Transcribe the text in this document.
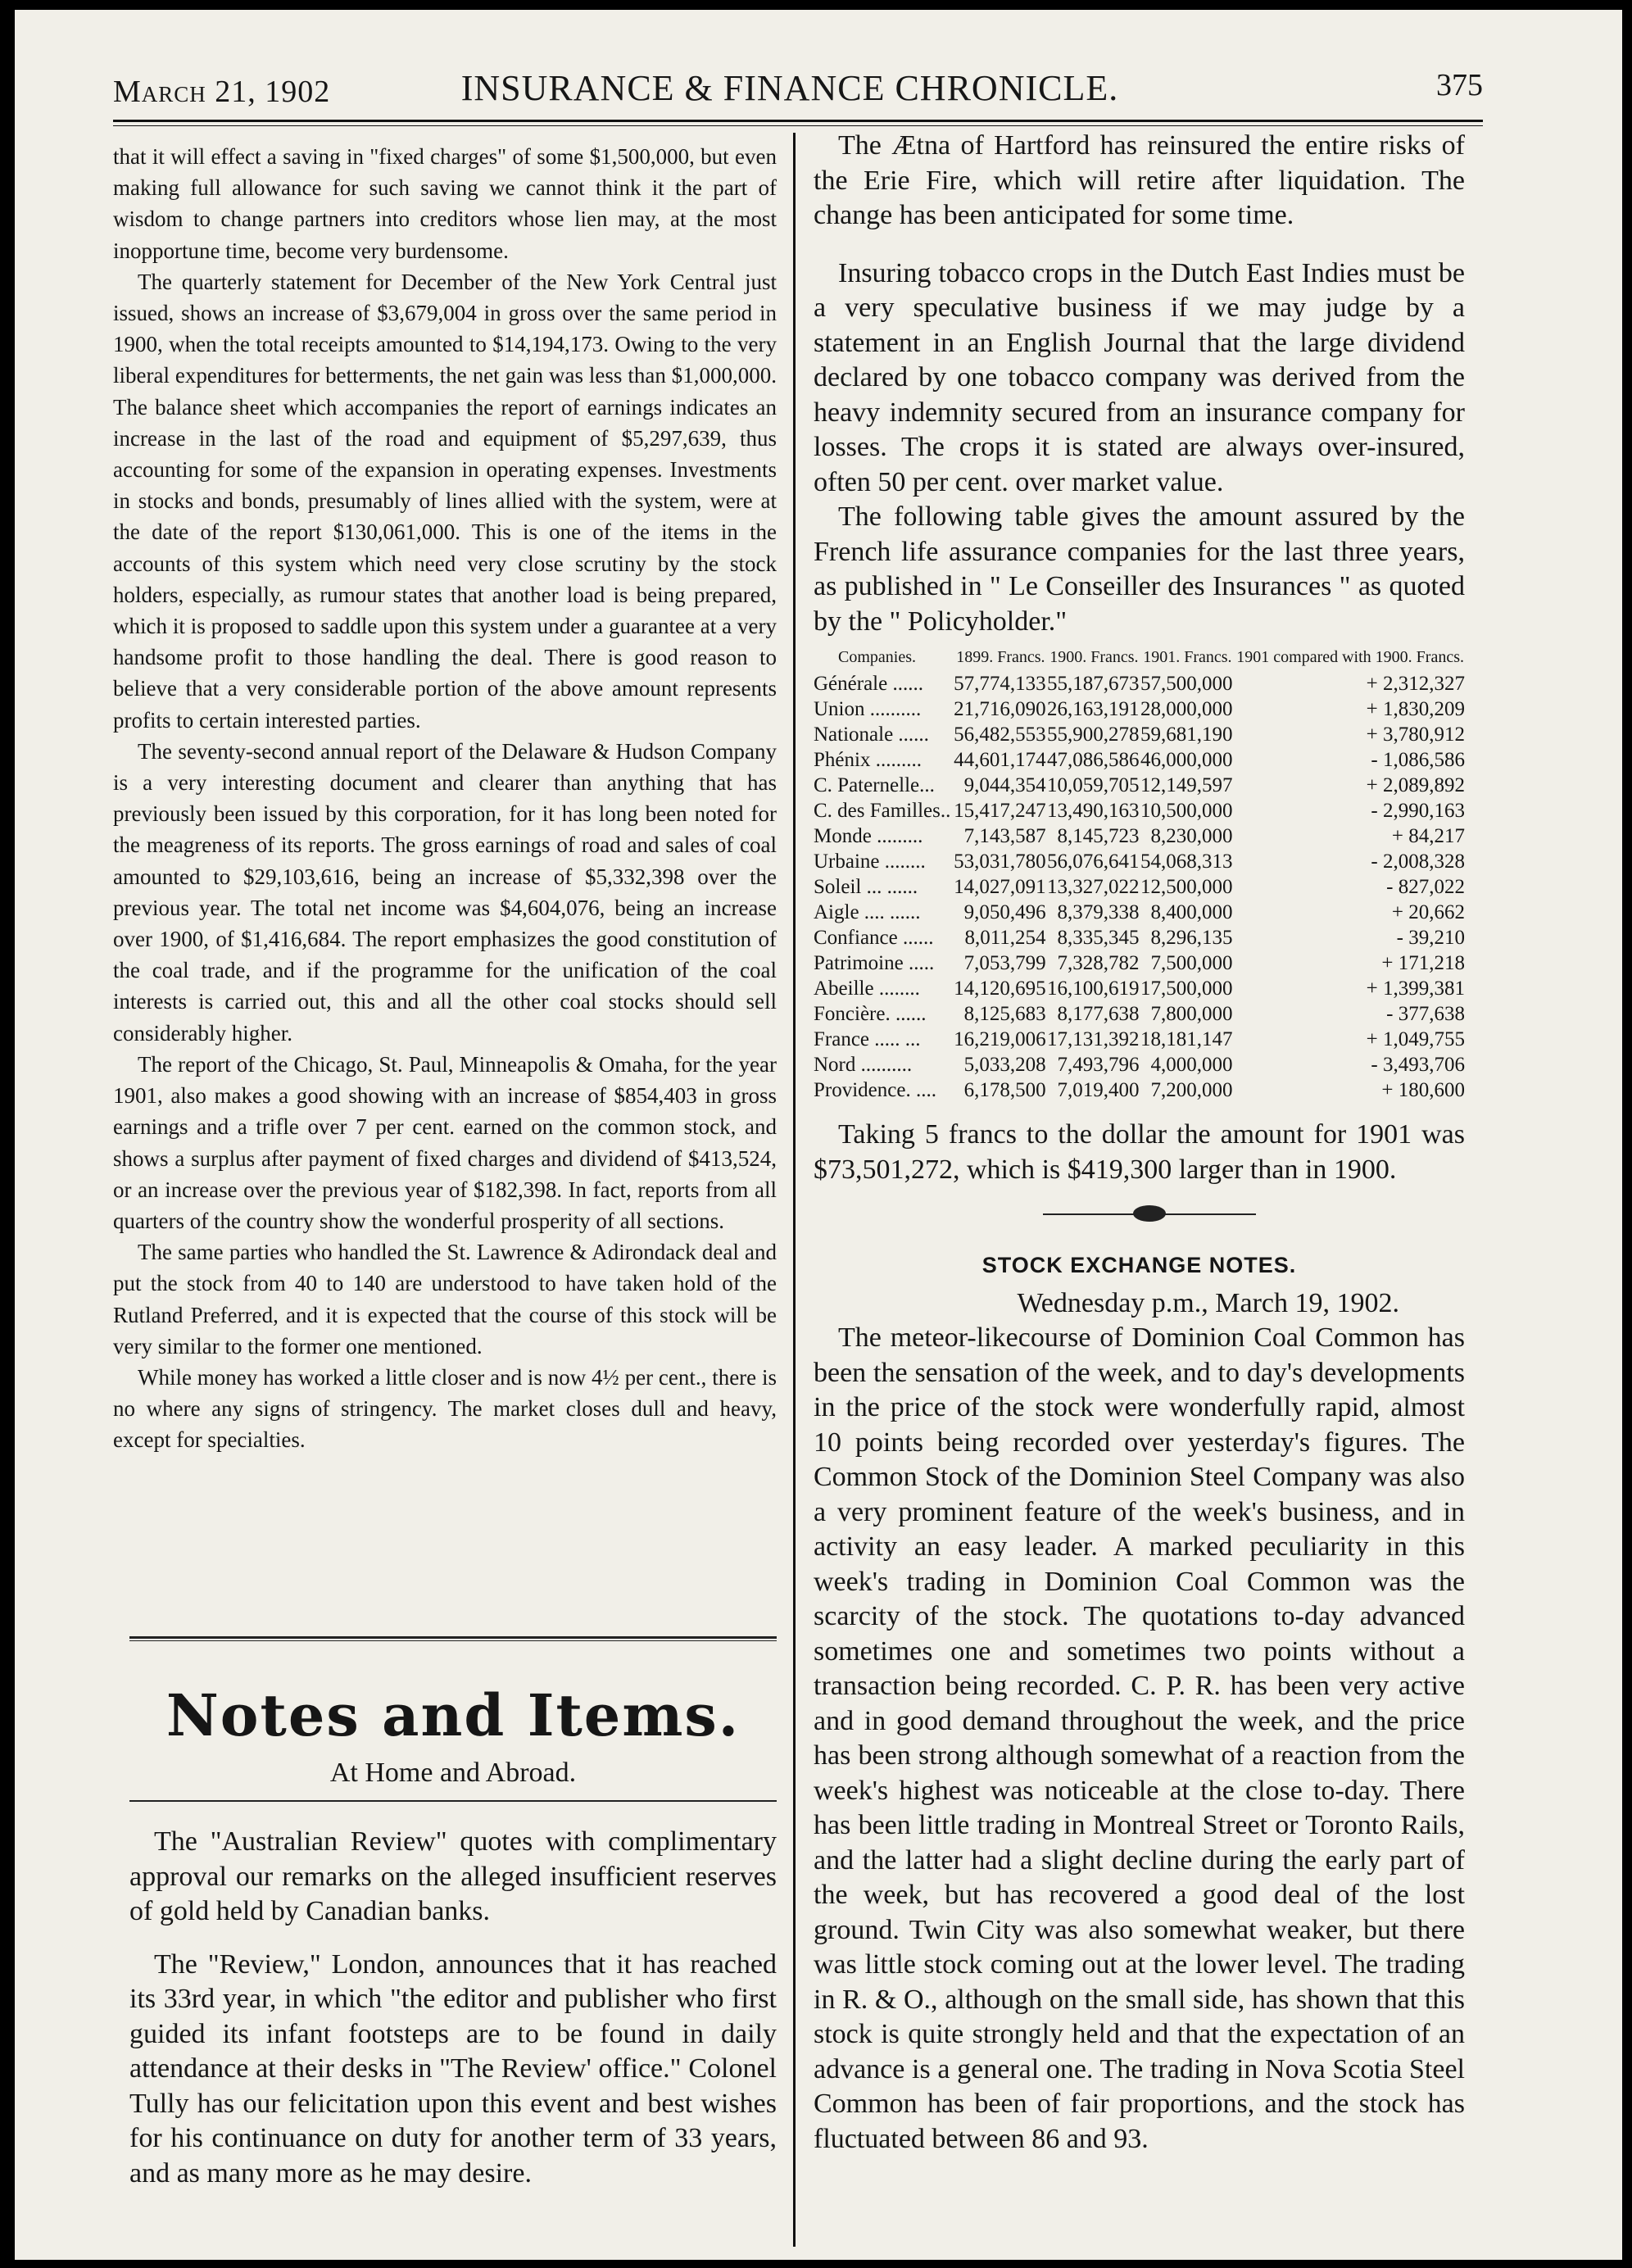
March 21, 1902	INSURANCE & FINANCE CHRONICLE.	375

that it will effect a saving in "fixed charges" of some $1,500,000, but even making full allowance for such saving we cannot think it the part of wisdom to change partners into creditors whose lien may, at the most inopportune time, become very burdensome.

The quarterly statement for December of the New York Central just issued, shows an increase of $3,679,004 in gross over the same period in 1900, when the total receipts amounted to $14,194,173. Owing to the very liberal expenditures for betterments, the net gain was less than $1,000,000. The balance sheet which accompanies the report of earnings indicates an increase in the last of the road and equipment of $5,297,639, thus accounting for some of the expansion in operating expenses. Investments in stocks and bonds, presumably of lines allied with the system, were at the date of the report $130,061,000. This is one of the items in the accounts of this system which need very close scrutiny by the stock holders, especially, as rumour states that another load is being prepared, which it is proposed to saddle upon this system under a guarantee at a very handsome profit to those handling the deal. There is good reason to believe that a very considerable portion of the above amount represents profits to certain interested parties.

The seventy-second annual report of the Delaware & Hudson Company is a very interesting document and clearer than anything that has previously been issued by this corporation, for it has long been noted for the meagreness of its reports. The gross earnings of road and sales of coal amounted to $29,103,616, being an increase of $5,332,398 over the previous year. The total net income was $4,604,076, being an increase over 1900, of $1,416,684. The report emphasizes the good constitution of the coal trade, and if the programme for the unification of the coal interests is carried out, this and all the other coal stocks should sell considerably higher.

The report of the Chicago, St. Paul, Minneapolis & Omaha, for the year 1901, also makes a good showing with an increase of $854,403 in gross earnings and a trifle over 7 per cent. earned on the common stock, and shows a surplus after payment of fixed charges and dividend of $413,524, or an increase over the previous year of $182,398. In fact, reports from all quarters of the country show the wonderful prosperity of all sections.

The same parties who handled the St. Lawrence & Adirondack deal and put the stock from 40 to 140 are understood to have taken hold of the Rutland Preferred, and it is expected that the course of this stock will be very similar to the former one mentioned.

While money has worked a little closer and is now 4½ per cent., there is no where any signs of stringency. The market closes dull and heavy, except for specialties.

Notes and Items.
At Home and Abroad.

The "Australian Review" quotes with complimentary approval our remarks on the alleged insufficient reserves of gold held by Canadian banks.

The "Review," London, announces that it has reached its 33rd year, in which "the editor and publisher who first guided its infant footsteps are to be found in daily attendance at their desks in "The Review' office." Colonel Tully has our felicitation upon this event and best wishes for his continuance on duty for another term of 33 years, and as many more as he may desire.

The Ætna of Hartford has reinsured the entire risks of the Erie Fire, which will retire after liquidation. The change has been anticipated for some time.

Insuring tobacco crops in the Dutch East Indies must be a very speculative business if we may judge by a statement in an English Journal that the large dividend declared by one tobacco company was derived from the heavy indemnity secured from an insurance company for losses. The crops it is stated are always over-insured, often 50 per cent. over market value.

The following table gives the amount assured by the French life assurance companies for the last three years, as published in " Le Conseiller des Insurances " as quoted by the " Policyholder."

Companies.	1899. Francs.	1900. Francs.	1901. Francs.	1901 compared with 1900. Francs.
Générale ......	57,774,133	55,187,673	57,500,000	+ 2,312,327
Union ..........	21,716,090	26,163,191	28,000,000	+ 1,830,209
Nationale ......	56,482,553	55,900,278	59,681,190	+ 3,780,912
Phénix .........	44,601,174	47,086,586	46,000,000	- 1,086,586
C. Paternelle...	9,044,354	10,059,705	12,149,597	+ 2,089,892
C. des Familles..	15,417,247	13,490,163	10,500,000	- 2,990,163
Monde .........	7,143,587	8,145,723	8,230,000	+ 84,217
Urbaine ........	53,031,780	56,076,641	54,068,313	- 2,008,328
Soleil ... ......	14,027,091	13,327,022	12,500,000	- 827,022
Aigle .... ......	9,050,496	8,379,338	8,400,000	+ 20,662
Confiance ......	8,011,254	8,335,345	8,296,135	- 39,210
Patrimoine .....	7,053,799	7,328,782	7,500,000	+ 171,218
Abeille ........	14,120,695	16,100,619	17,500,000	+ 1,399,381
Foncière. ......	8,125,683	8,177,638	7,800,000	- 377,638
France ..... ...	16,219,006	17,131,392	18,181,147	+ 1,049,755
Nord ..........	5,033,208	7,493,796	4,000,000	- 3,493,706
Providence. ....	6,178,500	7,019,400	7,200,000	+ 180,600

Taking 5 francs to the dollar the amount for 1901 was $73,501,272, which is $419,300 larger than in 1900.

STOCK EXCHANGE NOTES.
Wednesday p.m., March 19, 1902.

The meteor-likecourse of Dominion Coal Common has been the sensation of the week, and to day's developments in the price of the stock were wonderfully rapid, almost 10 points being recorded over yesterday's figures. The Common Stock of the Dominion Steel Company was also a very prominent feature of the week's business, and in activity an easy leader. A marked peculiarity in this week's trading in Dominion Coal Common was the scarcity of the stock. The quotations to-day advanced sometimes one and sometimes two points without a transaction being recorded. C. P. R. has been very active and in good demand throughout the week, and the price has been strong although somewhat of a reaction from the week's highest was noticeable at the close to-day. There has been little trading in Montreal Street or Toronto Rails, and the latter had a slight decline during the early part of the week, but has recovered a good deal of the lost ground. Twin City was also somewhat weaker, but there was little stock coming out at the lower level. The trading in R. & O., although on the small side, has shown that this stock is quite strongly held and that the expectation of an advance is a general one. The trading in Nova Scotia Steel Common has been of fair proportions, and the stock has fluctuated between 86 and 93.
